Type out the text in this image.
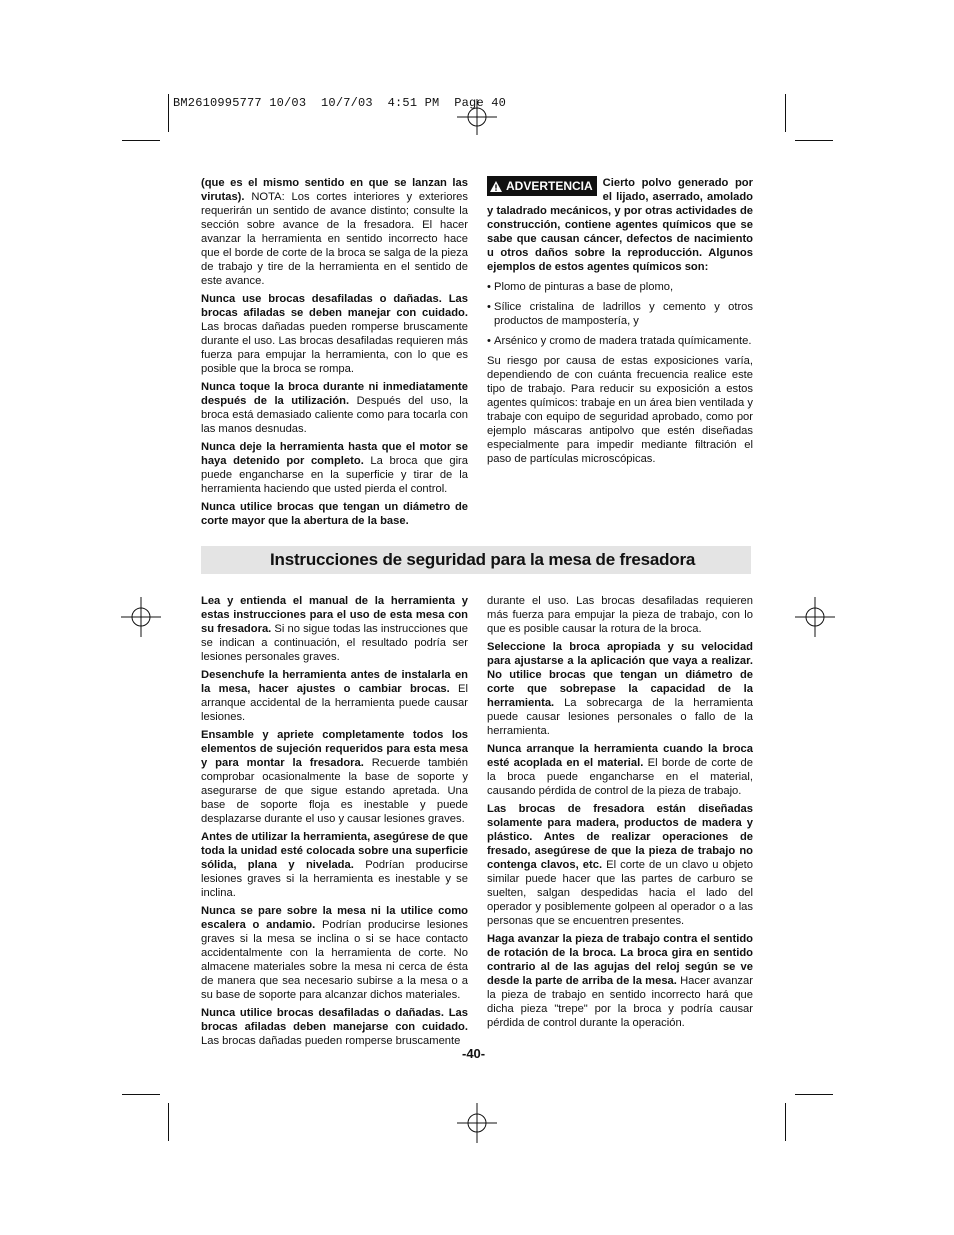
BM2610995777 10/03  10/7/03  4:51 PM  Page 40

(que es el mismo sentido en que se lanzan las virutas). NOTA: Los cortes interiores y exteriores requerirán un sentido de avance distinto; consulte la sección sobre avance de la fresadora. El hacer avanzar la herramienta en sentido incorrecto hace que el borde de corte de la broca se salga de la pieza de trabajo y tire de la herramienta en el sentido de este avance.

Nunca use brocas desafiladas o dañadas. Las brocas afiladas se deben manejar con cuidado. Las brocas dañadas pueden romperse bruscamente durante el uso. Las brocas desafiladas requieren más fuerza para empujar la herramienta, con lo que es posible que la broca se rompa.

Nunca toque la broca durante ni inmediatamente después de la utilización. Después del uso, la broca está demasiado caliente como para tocarla con las manos desnudas.

Nunca deje la herramienta hasta que el motor se haya detenido por completo. La broca que gira puede engancharse en la superficie y tirar de la herramienta haciendo que usted pierda el control.

Nunca utilice brocas que tengan un diámetro de corte mayor que la abertura de la base.

ADVERTENCIA Cierto polvo generado por el lijado, aserrado, amolado y taladrado mecánicos, y por otras actividades de construcción, contiene agentes químicos que se sabe que causan cáncer, defectos de nacimiento u otros daños sobre la reproducción. Algunos ejemplos de estos agentes químicos son:

• Plomo de pinturas a base de plomo,
• Sílice cristalina de ladrillos y cemento y otros productos de mampostería, y
• Arsénico y cromo de madera tratada químicamente.

Su riesgo por causa de estas exposiciones varía, dependiendo de con cuánta frecuencia realice este tipo de trabajo. Para reducir su exposición a estos agentes químicos: trabaje en un área bien ventilada y trabaje con equipo de seguridad aprobado, como por ejemplo máscaras antipolvo que estén diseñadas especialmente para impedir mediante filtración el paso de partículas microscópicas.

Instrucciones de seguridad para la mesa de fresadora

Lea y entienda el manual de la herramienta y estas instrucciones para el uso de esta mesa con su fresadora. Si no sigue todas las instrucciones que se indican a continuación, el resultado podría ser lesiones personales graves.

Desenchufe la herramienta antes de instalarla en la mesa, hacer ajustes o cambiar brocas. El arranque accidental de la herramienta puede causar lesiones.

Ensamble y apriete completamente todos los elementos de sujeción requeridos para esta mesa y para montar la fresadora. Recuerde también comprobar ocasionalmente la base de soporte y asegurarse de que sigue estando apretada. Una base de soporte floja es inestable y puede desplazarse durante el uso y causar lesiones graves.

Antes de utilizar la herramienta, asegúrese de que toda la unidad esté colocada sobre una superficie sólida, plana y nivelada. Podrían producirse lesiones graves si la herramienta es inestable y se inclina.

Nunca se pare sobre la mesa ni la utilice como escalera o andamio. Podrían producirse lesiones graves si la mesa se inclina o si se hace contacto accidentalmente con la herramienta de corte. No almacene materiales sobre la mesa ni cerca de ésta de manera que sea necesario subirse a la mesa o a su base de soporte para alcanzar dichos materiales.

Nunca utilice brocas desafiladas o dañadas. Las brocas afiladas deben manejarse con cuidado. Las brocas dañadas pueden romperse bruscamente

durante el uso. Las brocas desafiladas requieren más fuerza para empujar la pieza de trabajo, con lo que es posible causar la rotura de la broca.

Seleccione la broca apropiada y su velocidad para ajustarse a la aplicación que vaya a realizar. No utilice brocas que tengan un diámetro de corte que sobrepase la capacidad de la herramienta. La sobrecarga de la herramienta puede causar lesiones personales o fallo de la herramienta.

Nunca arranque la herramienta cuando la broca esté acoplada en el material. El borde de corte de la broca puede engancharse en el material, causando pérdida de control de la pieza de trabajo.

Las brocas de fresadora están diseñadas solamente para madera, productos de madera y plástico. Antes de realizar operaciones de fresado, asegúrese de que la pieza de trabajo no contenga clavos, etc. El corte de un clavo u objeto similar puede hacer que las partes de carburo se suelten, salgan despedidas hacia el lado del operador y posiblemente golpeen al operador o a las personas que se encuentren presentes.

Haga avanzar la pieza de trabajo contra el sentido de rotación de la broca. La broca gira en sentido contrario al de las agujas del reloj según se ve desde la parte de arriba de la mesa. Hacer avanzar la pieza de trabajo en sentido incorrecto hará que dicha pieza "trepe" por la broca y podría causar pérdida de control durante la operación.

-40-
